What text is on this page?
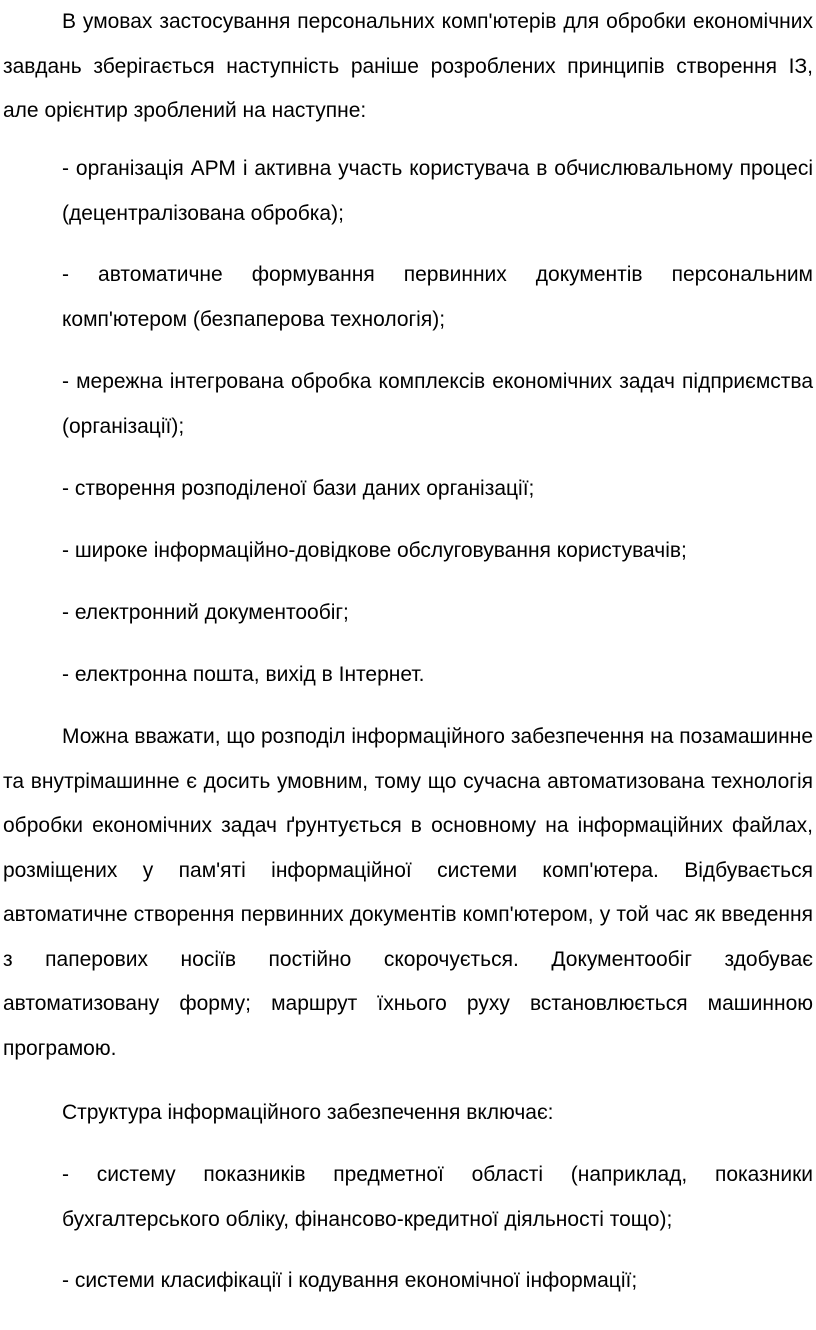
В умовах застосування персональних комп'ютерів для обробки економічних завдань зберігається наступність раніше розроблених принципів створення ІЗ, але орієнтир зроблений на наступне:

- організація АРМ і активна участь користувача в обчислювальному процесі (децентралізована обробка);

- автоматичне формування первинних документів персональним комп'ютером (безпаперова технологія);

- мережна інтегрована обробка комплексів економічних задач підприємства (організації);

- створення розподіленої бази даних організації;

- широке інформаційно-довідкове обслуговування користувачів;

- електронний документообіг;

- електронна пошта, вихід в Інтернет.

Можна вважати, що розподіл інформаційного забезпечення на позамашинне та внутрімашинне є досить умовним, тому що сучасна автоматизована технологія обробки економічних задач ґрунтується в основному на інформаційних файлах, розміщених у пам'яті інформаційної системи комп'ютера. Відбувається автоматичне створення первинних документів комп'ютером, у той час як введення з паперових носіїв постійно скорочується. Документообіг здобуває автоматизовану форму; маршрут їхнього руху встановлюється машинною програмою.

Структура інформаційного забезпечення включає:

- систему показників предметної області (наприклад, показники бухгалтерського обліку, фінансово-кредитної діяльності тощо);

- системи класифікації і кодування економічної інформації;
